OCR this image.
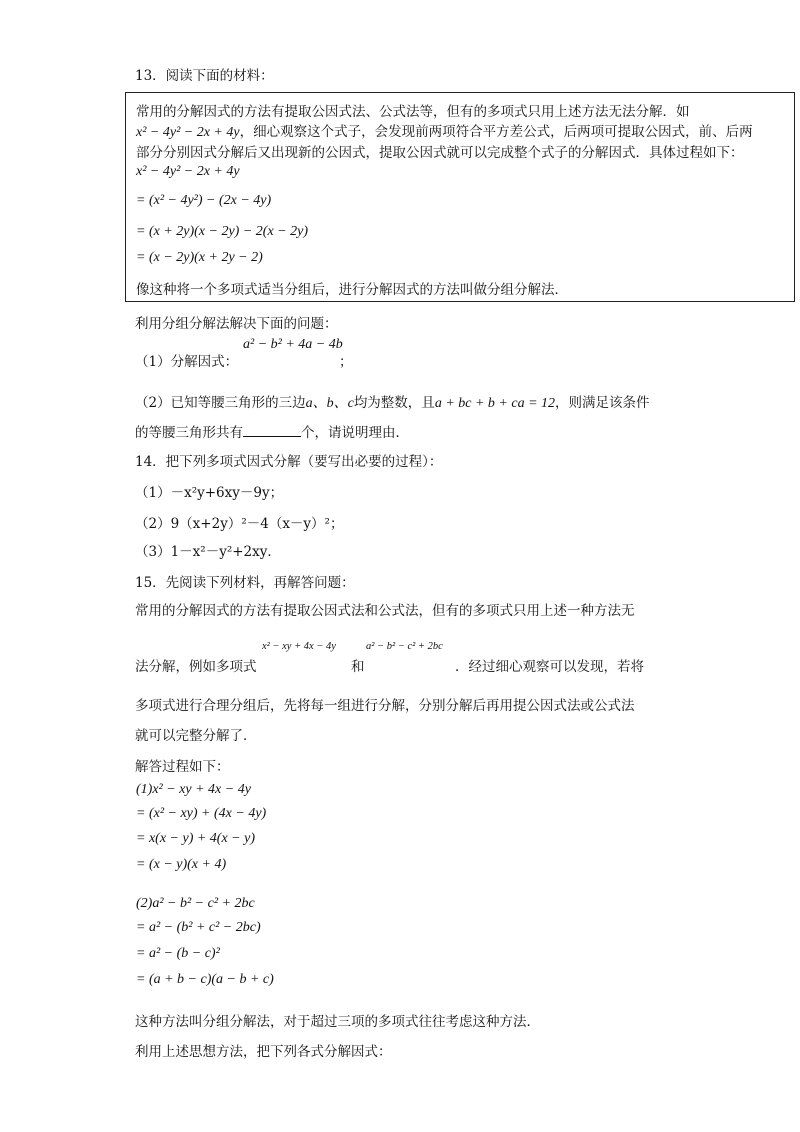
13．阅读下面的材料：
常用的分解因式的方法有提取公因式法、公式法等，但有的多项式只用上述方法无法分解．如
x² − 4y² − 2x + 4y，细心观察这个式子，会发现前两项符合平方差公式，后两项可提取公因式，前、后两
部分分别因式分解后又出现新的公因式，提取公因式就可以完成整个式子的分解因式．具体过程如下：
x² − 4y² − 2x + 4y
= (x² − 4y²) − (2x − 4y)
= (x + 2y)(x − 2y) − 2(x − 2y)
= (x − 2y)(x + 2y − 2)
像这种将一个多项式适当分组后，进行分解因式的方法叫做分组分解法．
利用分组分解法解决下面的问题：
（1）分解因式：
a² − b² + 4a − 4b
；
（2）已知等腰三角形的三边a、b、c均为整数，且a + bc + b + ca = 12，则满足该条件
的等腰三角形共有	个，请说明理由．
14．把下列多项式因式分解（要写出必要的过程）：
（1）－x²y+6xy－9y；
（2）9（x+2y）²－4（x－y）²；
（3）1－x²－y²+2xy．
15．先阅读下列材料，再解答问题：
常用的分解因式的方法有提取公因式法和公式法，但有的多项式只用上述一种方法无
法分解，例如多项式
x² − xy + 4x − 4y
和
a² − b² − c² + 2bc
．经过细心观察可以发现，若将
多项式进行合理分组后，先将每一组进行分解，分别分解后再用提公因式法或公式法
就可以完整分解了．
解答过程如下：
(1)x² − xy + 4x − 4y
= (x² − xy) + (4x − 4y)
= x(x − y) + 4(x − y)
= (x − y)(x + 4)
(2)a² − b² − c² + 2bc
= a² − (b² + c² − 2bc)
= a² − (b − c)²
= (a + b − c)(a − b + c)
这种方法叫分组分解法，对于超过三项的多项式往往考虑这种方法．
利用上述思想方法，把下列各式分解因式：
